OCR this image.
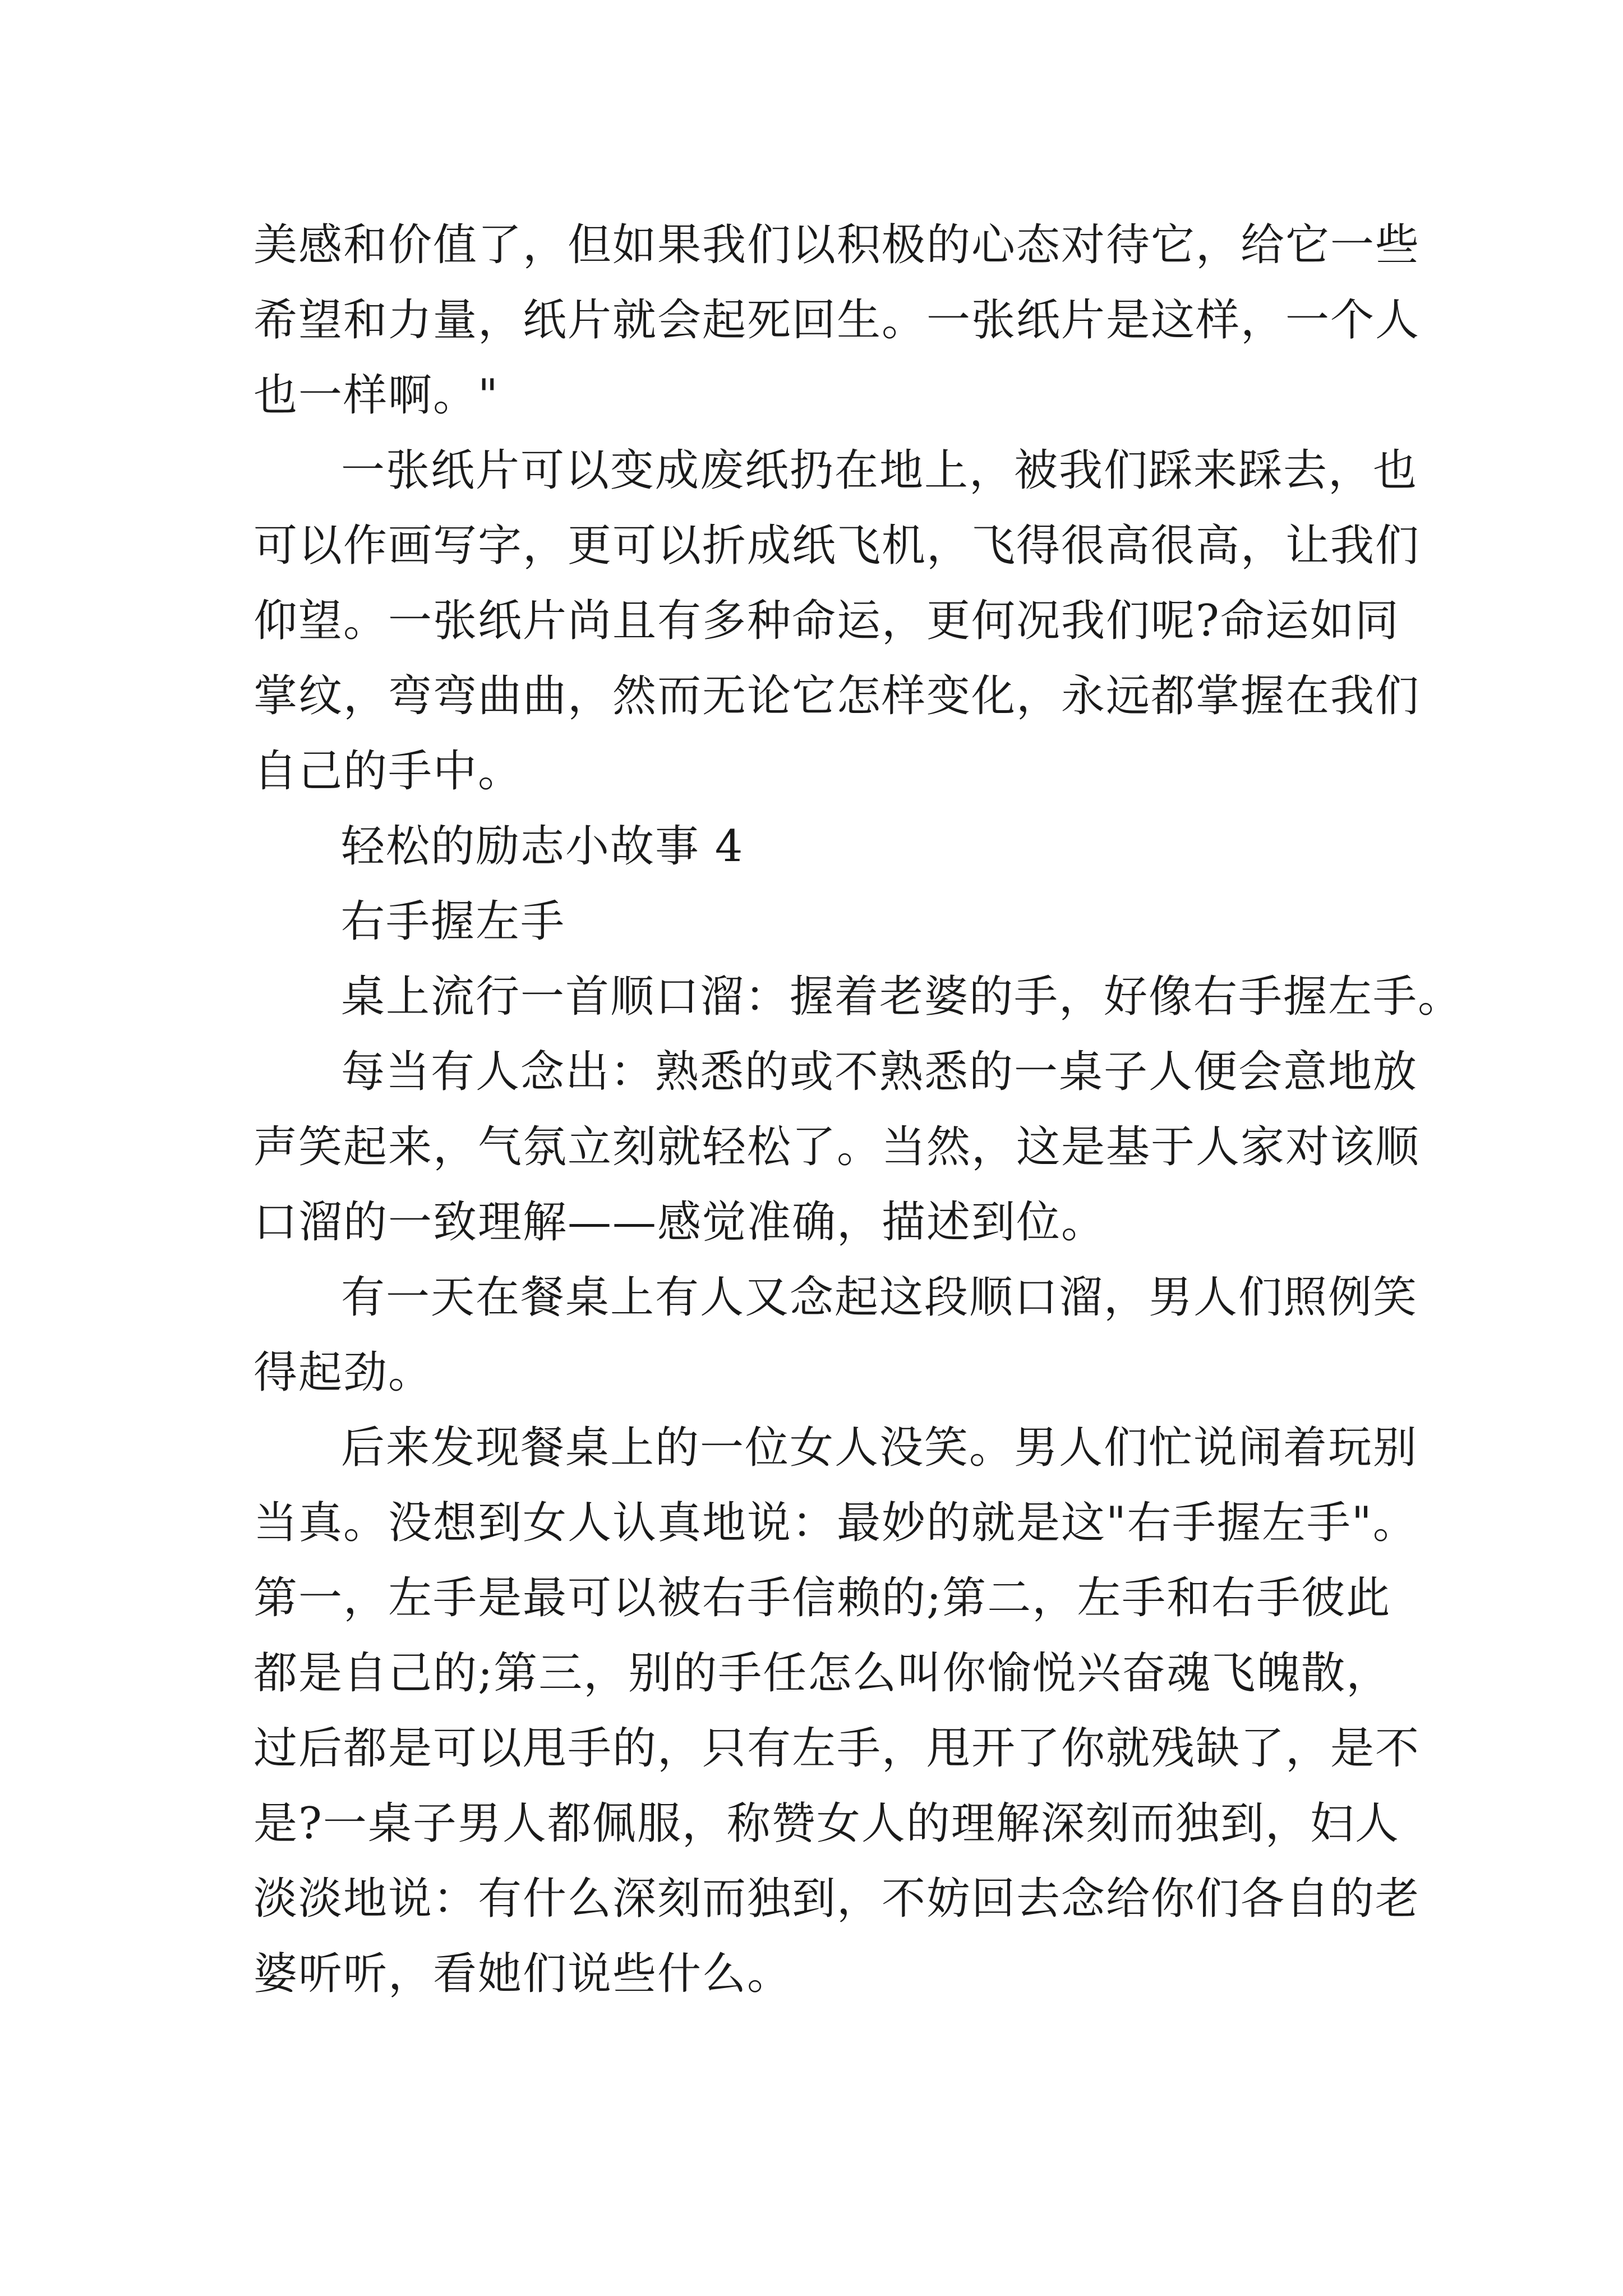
美感和价值了，但如果我们以积极的心态对待它，给它一些
希望和力量，纸片就会起死回生。一张纸片是这样，一个人
也一样啊。"
一张纸片可以变成废纸扔在地上，被我们踩来踩去，也
可以作画写字，更可以折成纸飞机，飞得很高很高，让我们
仰望。一张纸片尚且有多种命运，更何况我们呢?命运如同
掌纹，弯弯曲曲，然而无论它怎样变化，永远都掌握在我们
自己的手中。
轻松的励志小故事 4
右手握左手
桌上流行一首顺口溜：握着老婆的手，好像右手握左手。
每当有人念出：熟悉的或不熟悉的一桌子人便会意地放
声笑起来，气氛立刻就轻松了。当然，这是基于人家对该顺
口溜的一致理解——感觉准确，描述到位。
有一天在餐桌上有人又念起这段顺口溜，男人们照例笑
得起劲。
后来发现餐桌上的一位女人没笑。男人们忙说闹着玩别
当真。没想到女人认真地说：最妙的就是这"右手握左手"。
第一，左手是最可以被右手信赖的;第二，左手和右手彼此
都是自己的;第三，别的手任怎么叫你愉悦兴奋魂飞魄散，
过后都是可以甩手的，只有左手，甩开了你就残缺了，是不
是?一桌子男人都佩服，称赞女人的理解深刻而独到，妇人
淡淡地说：有什么深刻而独到，不妨回去念给你们各自的老
婆听听，看她们说些什么。
